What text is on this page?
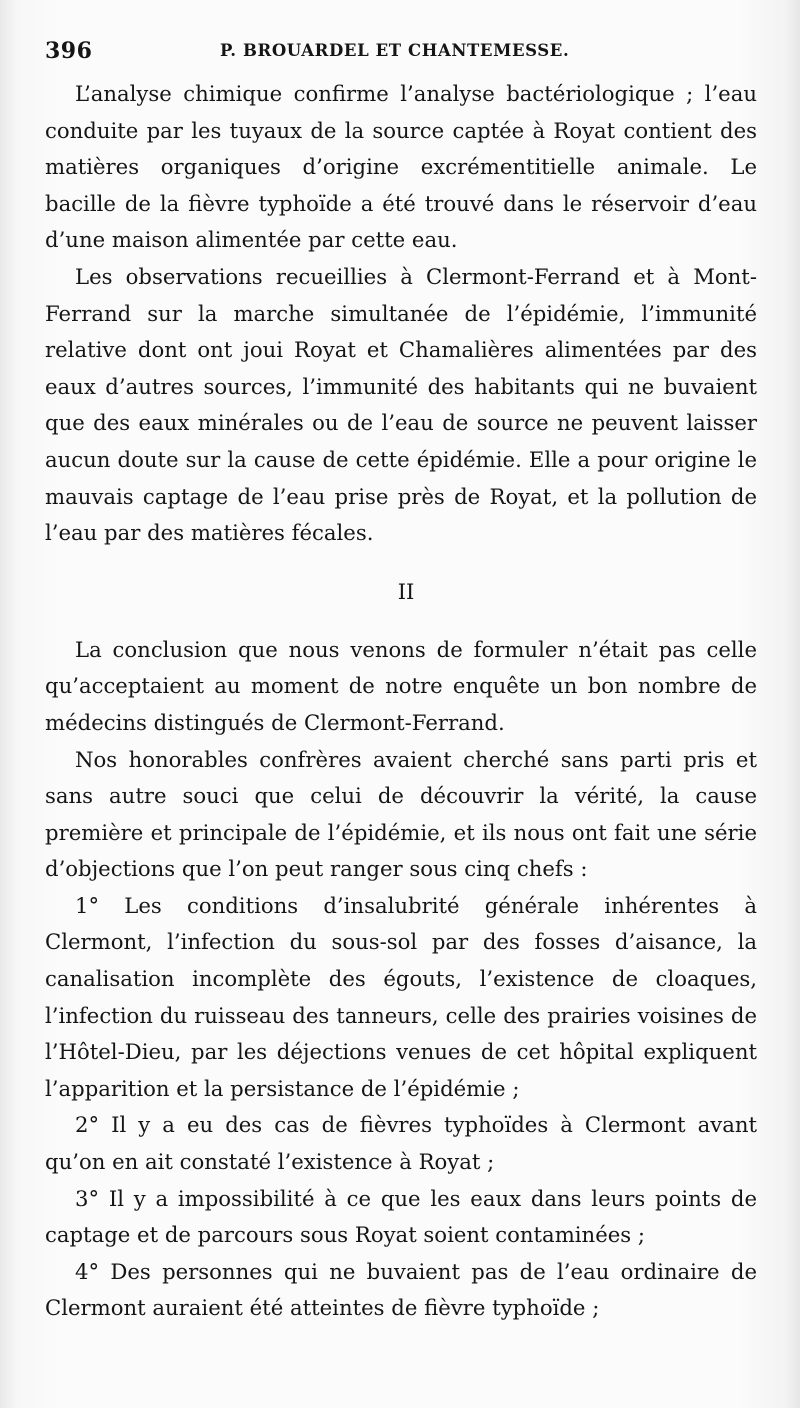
396	P. BROUARDEL ET CHANTEMESSE.

L’analyse chimique confirme l’analyse bactériologique ; l’eau conduite par les tuyaux de la source captée à Royat contient des matières organiques d’origine excrémentitielle animale. Le bacille de la fièvre typhoïde a été trouvé dans le réservoir d’eau d’une maison alimentée par cette eau.

Les observations recueillies à Clermont-Ferrand et à Mont-Ferrand sur la marche simultanée de l’épidémie, l’immunité relative dont ont joui Royat et Chamalières alimentées par des eaux d’autres sources, l’immunité des habitants qui ne buvaient que des eaux minérales ou de l’eau de source ne peuvent laisser aucun doute sur la cause de cette épidémie. Elle a pour origine le mauvais captage de l’eau prise près de Royat, et la pollution de l’eau par des matières fécales.

II

La conclusion que nous venons de formuler n’était pas celle qu’acceptaient au moment de notre enquête un bon nombre de médecins distingués de Clermont-Ferrand.

Nos honorables confrères avaient cherché sans parti pris et sans autre souci que celui de découvrir la vérité, la cause première et principale de l’épidémie, et ils nous ont fait une série d’objections que l’on peut ranger sous cinq chefs :

1° Les conditions d’insalubrité générale inhérentes à Clermont, l’infection du sous-sol par des fosses d’aisance, la canalisation incomplète des égouts, l’existence de cloaques, l’infection du ruisseau des tanneurs, celle des prairies voisines de l’Hôtel-Dieu, par les déjections venues de cet hôpital expliquent l’apparition et la persistance de l’épidémie ;

2° Il y a eu des cas de fièvres typhoïdes à Clermont avant qu’on en ait constaté l’existence à Royat ;

3° Il y a impossibilité à ce que les eaux dans leurs points de captage et de parcours sous Royat soient contaminées ;

4° Des personnes qui ne buvaient pas de l’eau ordinaire de Clermont auraient été atteintes de fièvre typhoïde ;
